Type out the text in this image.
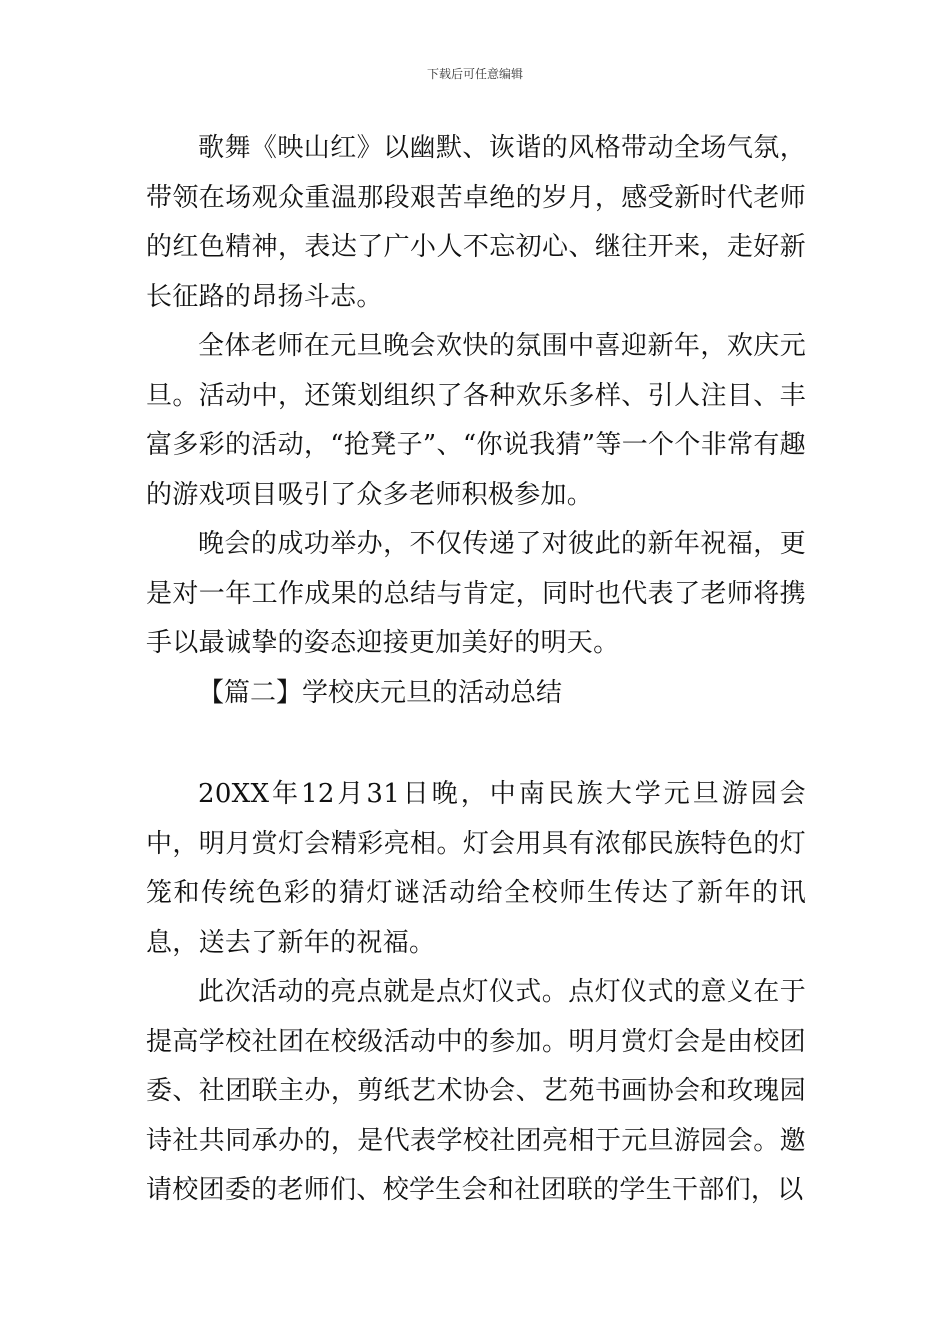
下载后可任意编辑

歌舞《映山红》以幽默、诙谐的风格带动全场气氛，带领在场观众重温那段艰苦卓绝的岁月，感受新时代老师的红色精神，表达了广小人不忘初心、继往开来，走好新长征路的昂扬斗志。

全体老师在元旦晚会欢快的氛围中喜迎新年，欢庆元旦。活动中，还策划组织了各种欢乐多样、引人注目、丰富多彩的活动，“抢凳子”、“你说我猜”等一个个非常有趣的游戏项目吸引了众多老师积极参加。

晚会的成功举办，不仅传递了对彼此的新年祝福，更是对一年工作成果的总结与肯定，同时也代表了老师将携手以最诚挚的姿态迎接更加美好的明天。

【篇二】学校庆元旦的活动总结

20XX年12月31日晚，中南民族大学元旦游园会中，明月赏灯会精彩亮相。灯会用具有浓郁民族特色的灯笼和传统色彩的猜灯谜活动给全校师生传达了新年的讯息，送去了新年的祝福。

此次活动的亮点就是点灯仪式。点灯仪式的意义在于提高学校社团在校级活动中的参加。明月赏灯会是由校团委、社团联主办，剪纸艺术协会、艺苑书画协会和玫瑰园诗社共同承办的，是代表学校社团亮相于元旦游园会。邀请校团委的老师们、校学生会和社团联的学生干部们，以
